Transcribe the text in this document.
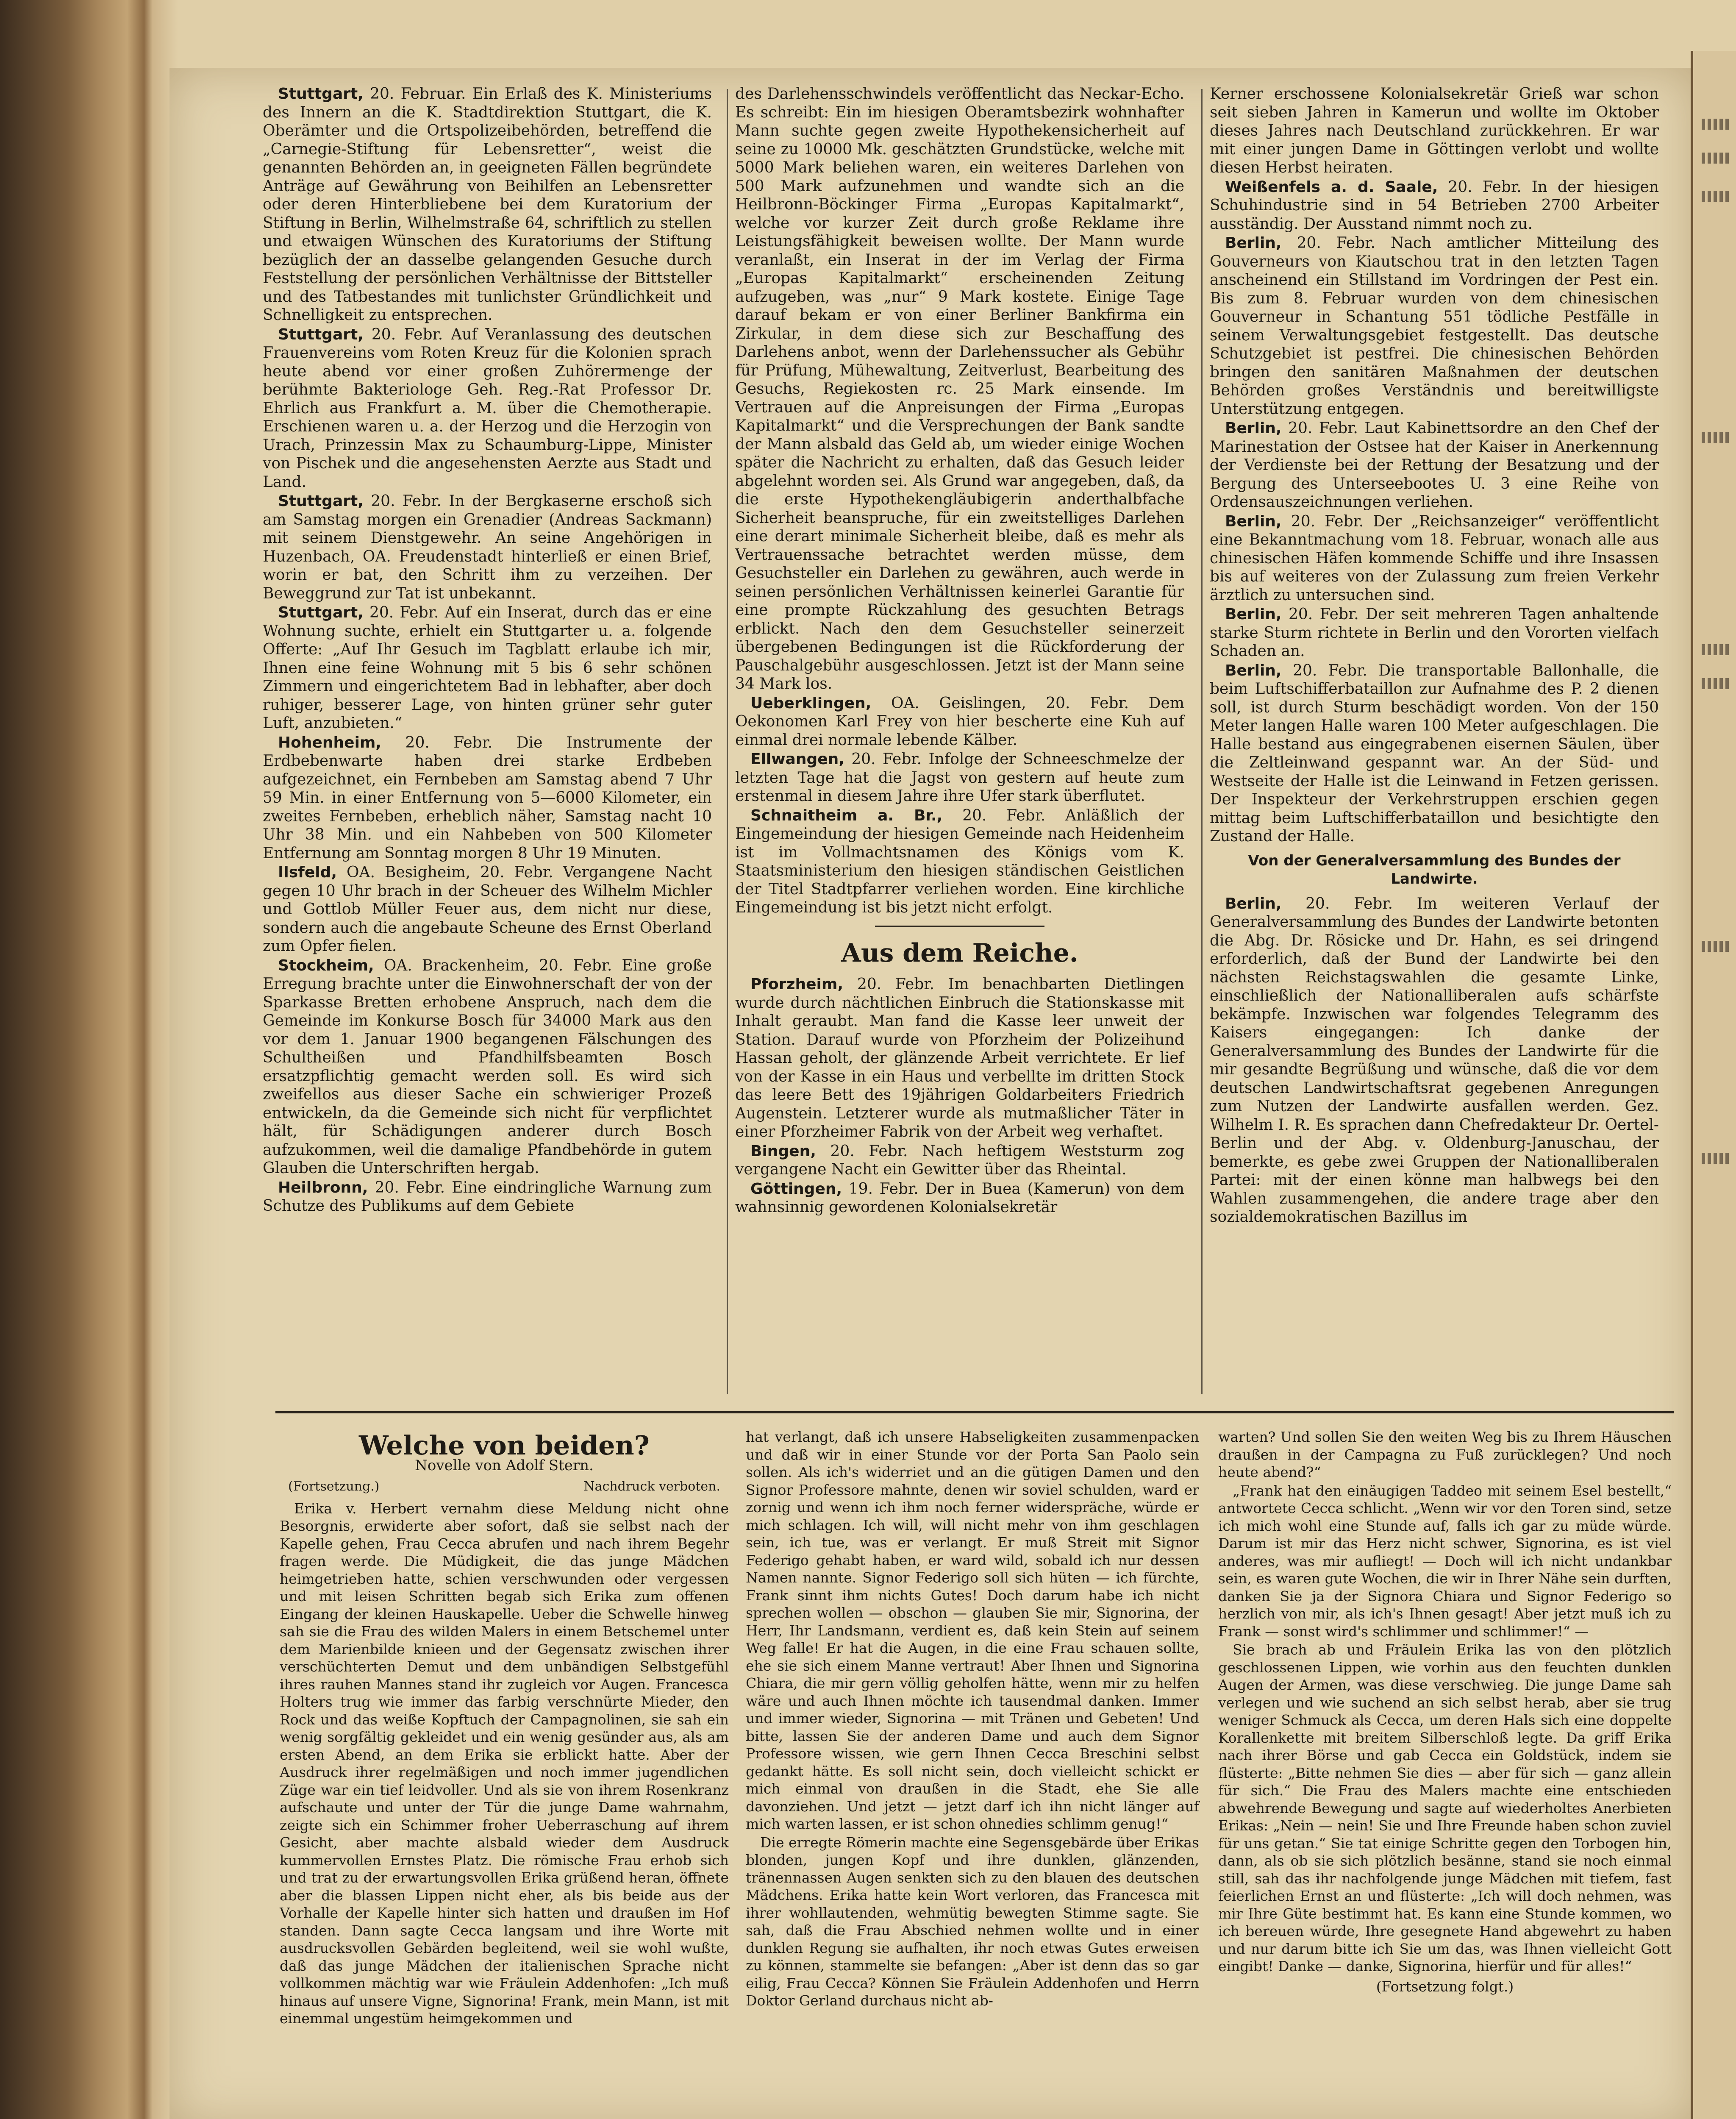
Stuttgart, 20. Februar. Ein Erlaß des K. Ministeriums des Innern an die K. Stadtdirektion Stuttgart, die K. Oberämter und die Ortspolizeibehörden, betreffend die „Carnegie-Stiftung für Lebensretter“, weist die genannten Behörden an, in geeigneten Fällen begründete Anträge auf Gewährung von Beihilfen an Lebensretter oder deren Hinterbliebene bei dem Kuratorium der Stiftung in Berlin, Wilhelmstraße 64, schriftlich zu stellen und etwaigen Wünschen des Kuratoriums der Stiftung bezüglich der an dasselbe gelangenden Gesuche durch Feststellung der persönlichen Verhältnisse der Bittsteller und des Tatbestandes mit tunlichster Gründlichkeit und Schnelligkeit zu entsprechen.

Stuttgart, 20. Febr. Auf Veranlassung des deutschen Frauenvereins vom Roten Kreuz für die Kolonien sprach heute abend vor einer großen Zuhörermenge der berühmte Bakteriologe Geh. Reg.-Rat Professor Dr. Ehrlich aus Frankfurt a. M. über die Chemotherapie. Erschienen waren u. a. der Herzog und die Herzogin von Urach, Prinzessin Max zu Schaumburg-Lippe, Minister von Pischek und die angesehensten Aerzte aus Stadt und Land.

Stuttgart, 20. Febr. In der Bergkaserne erschoß sich am Samstag morgen ein Grenadier (Andreas Sackmann) mit seinem Dienstgewehr. An seine Angehörigen in Huzenbach, OA. Freudenstadt hinterließ er einen Brief, worin er bat, den Schritt ihm zu verzeihen. Der Beweggrund zur Tat ist unbekannt.

Stuttgart, 20. Febr. Auf ein Inserat, durch das er eine Wohnung suchte, erhielt ein Stuttgarter u. a. folgende Offerte: „Auf Ihr Gesuch im Tagblatt erlaube ich mir, Ihnen eine feine Wohnung mit 5 bis 6 sehr schönen Zimmern und eingerichtetem Bad in lebhafter, aber doch ruhiger, besserer Lage, von hinten grüner sehr guter Luft, anzubieten.“

Hohenheim, 20. Febr. Die Instrumente der Erdbebenwarte haben drei starke Erdbeben aufgezeichnet, ein Fernbeben am Samstag abend 7 Uhr 59 Min. in einer Entfernung von 5—6000 Kilometer, ein zweites Fernbeben, erheblich näher, Samstag nacht 10 Uhr 38 Min. und ein Nahbeben von 500 Kilometer Entfernung am Sonntag morgen 8 Uhr 19 Minuten.

Ilsfeld, OA. Besigheim, 20. Febr. Vergangene Nacht gegen 10 Uhr brach in der Scheuer des Wilhelm Michler und Gottlob Müller Feuer aus, dem nicht nur diese, sondern auch die angebaute Scheune des Ernst Oberland zum Opfer fielen.

Stockheim, OA. Brackenheim, 20. Febr. Eine große Erregung brachte unter die Einwohnerschaft der von der Sparkasse Bretten erhobene Anspruch, nach dem die Gemeinde im Konkurse Bosch für 34000 Mark aus den vor dem 1. Januar 1900 begangenen Fälschungen des Schultheißen und Pfandhilfsbeamten Bosch ersatzpflichtig gemacht werden soll. Es wird sich zweifellos aus dieser Sache ein schwieriger Prozeß entwickeln, da die Gemeinde sich nicht für verpflichtet hält, für Schädigungen anderer durch Bosch aufzukommen, weil die damalige Pfandbehörde in gutem Glauben die Unterschriften hergab.

Heilbronn, 20. Febr. Eine eindringliche Warnung zum Schutze des Publikums auf dem Gebiete

des Darlehensschwindels veröffentlicht das Neckar-Echo. Es schreibt: Ein im hiesigen Oberamtsbezirk wohnhafter Mann suchte gegen zweite Hypothekensicherheit auf seine zu 10000 Mk. geschätzten Grundstücke, welche mit 5000 Mark beliehen waren, ein weiteres Darlehen von 500 Mark aufzunehmen und wandte sich an die Heilbronn-Böckinger Firma „Europas Kapitalmarkt“, welche vor kurzer Zeit durch große Reklame ihre Leistungsfähigkeit beweisen wollte. Der Mann wurde veranlaßt, ein Inserat in der im Verlag der Firma „Europas Kapitalmarkt“ erscheinenden Zeitung aufzugeben, was „nur“ 9 Mark kostete. Einige Tage darauf bekam er von einer Berliner Bankfirma ein Zirkular, in dem diese sich zur Beschaffung des Darlehens anbot, wenn der Darlehenssucher als Gebühr für Prüfung, Mühewaltung, Zeitverlust, Bearbeitung des Gesuchs, Regiekosten rc. 25 Mark einsende. Im Vertrauen auf die Anpreisungen der Firma „Europas Kapitalmarkt“ und die Versprechungen der Bank sandte der Mann alsbald das Geld ab, um wieder einige Wochen später die Nachricht zu erhalten, daß das Gesuch leider abgelehnt worden sei. Als Grund war angegeben, daß, da die erste Hypothekengläubigerin anderthalbfache Sicherheit beanspruche, für ein zweitstelliges Darlehen eine derart minimale Sicherheit bleibe, daß es mehr als Vertrauenssache betrachtet werden müsse, dem Gesuchsteller ein Darlehen zu gewähren, auch werde in seinen persönlichen Verhältnissen keinerlei Garantie für eine prompte Rückzahlung des gesuchten Betrags erblickt. Nach den dem Gesuchsteller seinerzeit übergebenen Bedingungen ist die Rückforderung der Pauschalgebühr ausgeschlossen. Jetzt ist der Mann seine 34 Mark los.

Ueberklingen, OA. Geislingen, 20. Febr. Dem Oekonomen Karl Frey von hier bescherte eine Kuh auf einmal drei normale lebende Kälber.

Ellwangen, 20. Febr. Infolge der Schneeschmelze der letzten Tage hat die Jagst von gestern auf heute zum erstenmal in diesem Jahre ihre Ufer stark überflutet.

Schnaitheim a. Br., 20. Febr. Anläßlich der Eingemeindung der hiesigen Gemeinde nach Heidenheim ist im Vollmachtsnamen des Königs vom K. Staatsministerium den hiesigen ständischen Geistlichen der Titel Stadtpfarrer verliehen worden. Eine kirchliche Eingemeindung ist bis jetzt nicht erfolgt.

Aus dem Reiche.

Pforzheim, 20. Febr. Im benachbarten Dietlingen wurde durch nächtlichen Einbruch die Stationskasse mit Inhalt geraubt. Man fand die Kasse leer unweit der Station. Darauf wurde von Pforzheim der Polizeihund Hassan geholt, der glänzende Arbeit verrichtete. Er lief von der Kasse in ein Haus und verbellte im dritten Stock das leere Bett des 19jährigen Goldarbeiters Friedrich Augenstein. Letzterer wurde als mutmaßlicher Täter in einer Pforzheimer Fabrik von der Arbeit weg verhaftet.

Bingen, 20. Febr. Nach heftigem Weststurm zog vergangene Nacht ein Gewitter über das Rheintal.

Göttingen, 19. Febr. Der in Buea (Kamerun) von dem wahnsinnig gewordenen Kolonialsekretär

Kerner erschossene Kolonialsekretär Grieß war schon seit sieben Jahren in Kamerun und wollte im Oktober dieses Jahres nach Deutschland zurückkehren. Er war mit einer jungen Dame in Göttingen verlobt und wollte diesen Herbst heiraten.

Weißenfels a. d. Saale, 20. Febr. In der hiesigen Schuhindustrie sind in 54 Betrieben 2700 Arbeiter ausständig. Der Ausstand nimmt noch zu.

Berlin, 20. Febr. Nach amtlicher Mitteilung des Gouverneurs von Kiautschou trat in den letzten Tagen anscheinend ein Stillstand im Vordringen der Pest ein. Bis zum 8. Februar wurden von dem chinesischen Gouverneur in Schantung 551 tödliche Pestfälle in seinem Verwaltungsgebiet festgestellt. Das deutsche Schutzgebiet ist pestfrei. Die chinesischen Behörden bringen den sanitären Maßnahmen der deutschen Behörden großes Verständnis und bereitwilligste Unterstützung entgegen.

Berlin, 20. Febr. Laut Kabinettsordre an den Chef der Marinestation der Ostsee hat der Kaiser in Anerkennung der Verdienste bei der Rettung der Besatzung und der Bergung des Unterseebootes U. 3 eine Reihe von Ordensauszeichnungen verliehen.

Berlin, 20. Febr. Der „Reichsanzeiger“ veröffentlicht eine Bekanntmachung vom 18. Februar, wonach alle aus chinesischen Häfen kommende Schiffe und ihre Insassen bis auf weiteres von der Zulassung zum freien Verkehr ärztlich zu untersuchen sind.

Berlin, 20. Febr. Der seit mehreren Tagen anhaltende starke Sturm richtete in Berlin und den Vororten vielfach Schaden an.

Berlin, 20. Febr. Die transportable Ballonhalle, die beim Luftschifferbataillon zur Aufnahme des P. 2 dienen soll, ist durch Sturm beschädigt worden. Von der 150 Meter langen Halle waren 100 Meter aufgeschlagen. Die Halle bestand aus eingegrabenen eisernen Säulen, über die Zeltleinwand gespannt war. An der Süd- und Westseite der Halle ist die Leinwand in Fetzen gerissen. Der Inspekteur der Verkehrstruppen erschien gegen mittag beim Luftschifferbataillon und besichtigte den Zustand der Halle.

Von der Generalversammlung des Bundes der Landwirte.

Berlin, 20. Febr. Im weiteren Verlauf der Generalversammlung des Bundes der Landwirte betonten die Abg. Dr. Rösicke und Dr. Hahn, es sei dringend erforderlich, daß der Bund der Landwirte bei den nächsten Reichstagswahlen die gesamte Linke, einschließlich der Nationalliberalen aufs schärfste bekämpfe. Inzwischen war folgendes Telegramm des Kaisers eingegangen: Ich danke der Generalversammlung des Bundes der Landwirte für die mir gesandte Begrüßung und wünsche, daß die vor dem deutschen Landwirtschaftsrat gegebenen Anregungen zum Nutzen der Landwirte ausfallen werden. Gez. Wilhelm I. R. Es sprachen dann Chefredakteur Dr. Oertel-Berlin und der Abg. v. Oldenburg-Januschau, der bemerkte, es gebe zwei Gruppen der Nationalliberalen Partei: mit der einen könne man halbwegs bei den Wahlen zusammengehen, die andere trage aber den sozialdemokratischen Bazillus im

Welche von beiden?
Novelle von Adolf Stern.
(Fortsetzung.)	Nachdruck verboten.

Erika v. Herbert vernahm diese Meldung nicht ohne Besorgnis, erwiderte aber sofort, daß sie selbst nach der Kapelle gehen, Frau Cecca abrufen und nach ihrem Begehr fragen werde. Die Müdigkeit, die das junge Mädchen heimgetrieben hatte, schien verschwunden oder vergessen und mit leisen Schritten begab sich Erika zum offenen Eingang der kleinen Hauskapelle. Ueber die Schwelle hinweg sah sie die Frau des wilden Malers in einem Betschemel unter dem Marienbilde knieen und der Gegensatz zwischen ihrer verschüchterten Demut und dem unbändigen Selbstgefühl ihres rauhen Mannes stand ihr zugleich vor Augen. Francesca Holters trug wie immer das farbig verschnürte Mieder, den Rock und das weiße Kopftuch der Campagnolinen, sie sah ein wenig sorgfältig gekleidet und ein wenig gesünder aus, als am ersten Abend, an dem Erika sie erblickt hatte. Aber der Ausdruck ihrer regelmäßigen und noch immer jugendlichen Züge war ein tief leidvoller. Und als sie von ihrem Rosenkranz aufschaute und unter der Tür die junge Dame wahrnahm, zeigte sich ein Schimmer froher Ueberraschung auf ihrem Gesicht, aber machte alsbald wieder dem Ausdruck kummervollen Ernstes Platz. Die römische Frau erhob sich und trat zu der erwartungsvollen Erika grüßend heran, öffnete aber die blassen Lippen nicht eher, als bis beide aus der Vorhalle der Kapelle hinter sich hatten und draußen im Hof standen. Dann sagte Cecca langsam und ihre Worte mit ausdrucksvollen Gebärden begleitend, weil sie wohl wußte, daß das junge Mädchen der italienischen Sprache nicht vollkommen mächtig war wie Fräulein Addenhofen: „Ich muß hinaus auf unsere Vigne, Signorina! Frank, mein Mann, ist mit einemmal ungestüm heimgekommen und

hat verlangt, daß ich unsere Habseligkeiten zusammenpacken und daß wir in einer Stunde vor der Porta San Paolo sein sollen. Als ich's widerriet und an die gütigen Damen und den Signor Professore mahnte, denen wir soviel schulden, ward er zornig und wenn ich ihm noch ferner widerspräche, würde er mich schlagen. Ich will, will nicht mehr von ihm geschlagen sein, ich tue, was er verlangt. Er muß Streit mit Signor Federigo gehabt haben, er ward wild, sobald ich nur dessen Namen nannte. Signor Federigo soll sich hüten — ich fürchte, Frank sinnt ihm nichts Gutes! Doch darum habe ich nicht sprechen wollen — obschon — glauben Sie mir, Signorina, der Herr, Ihr Landsmann, verdient es, daß kein Stein auf seinem Weg falle! Er hat die Augen, in die eine Frau schauen sollte, ehe sie sich einem Manne vertraut! Aber Ihnen und Signorina Chiara, die mir gern völlig geholfen hätte, wenn mir zu helfen wäre und auch Ihnen möchte ich tausendmal danken. Immer und immer wieder, Signorina — mit Tränen und Gebeten! Und bitte, lassen Sie der anderen Dame und auch dem Signor Professore wissen, wie gern Ihnen Cecca Breschini selbst gedankt hätte. Es soll nicht sein, doch vielleicht schickt er mich einmal von draußen in die Stadt, ehe Sie alle davonziehen. Und jetzt — jetzt darf ich ihn nicht länger auf mich warten lassen, er ist schon ohnedies schlimm genug!“

Die erregte Römerin machte eine Segensgebärde über Erikas blonden, jungen Kopf und ihre dunklen, glänzenden, tränennassen Augen senkten sich zu den blauen des deutschen Mädchens. Erika hatte kein Wort verloren, das Francesca mit ihrer wohllautenden, wehmütig bewegten Stimme sagte. Sie sah, daß die Frau Abschied nehmen wollte und in einer dunklen Regung sie aufhalten, ihr noch etwas Gutes erweisen zu können, stammelte sie befangen: „Aber ist denn das so gar eilig, Frau Cecca? Können Sie Fräulein Addenhofen und Herrn Doktor Gerland durchaus nicht ab-

warten? Und sollen Sie den weiten Weg bis zu Ihrem Häuschen draußen in der Campagna zu Fuß zurücklegen? Und noch heute abend?“

„Frank hat den einäugigen Taddeo mit seinem Esel bestellt,“ antwortete Cecca schlicht. „Wenn wir vor den Toren sind, setze ich mich wohl eine Stunde auf, falls ich gar zu müde würde. Darum ist mir das Herz nicht schwer, Signorina, es ist viel anderes, was mir aufliegt! — Doch will ich nicht undankbar sein, es waren gute Wochen, die wir in Ihrer Nähe sein durften, danken Sie ja der Signora Chiara und Signor Federigo so herzlich von mir, als ich's Ihnen gesagt! Aber jetzt muß ich zu Frank — sonst wird's schlimmer und schlimmer!“ —

Sie brach ab und Fräulein Erika las von den plötzlich geschlossenen Lippen, wie vorhin aus den feuchten dunklen Augen der Armen, was diese verschwieg. Die junge Dame sah verlegen und wie suchend an sich selbst herab, aber sie trug weniger Schmuck als Cecca, um deren Hals sich eine doppelte Korallenkette mit breitem Silberschloß legte. Da griff Erika nach ihrer Börse und gab Cecca ein Goldstück, indem sie flüsterte: „Bitte nehmen Sie dies — aber für sich — ganz allein für sich.“ Die Frau des Malers machte eine entschieden abwehrende Bewegung und sagte auf wiederholtes Anerbieten Erikas: „Nein — nein! Sie und Ihre Freunde haben schon zuviel für uns getan.“ Sie tat einige Schritte gegen den Torbogen hin, dann, als ob sie sich plötzlich besänne, stand sie noch einmal still, sah das ihr nachfolgende junge Mädchen mit tiefem, fast feierlichen Ernst an und flüsterte: „Ich will doch nehmen, was mir Ihre Güte bestimmt hat. Es kann eine Stunde kommen, wo ich bereuen würde, Ihre gesegnete Hand abgewehrt zu haben und nur darum bitte ich Sie um das, was Ihnen vielleicht Gott eingibt! Danke — danke, Signorina, hierfür und für alles!“

(Fortsetzung folgt.)
